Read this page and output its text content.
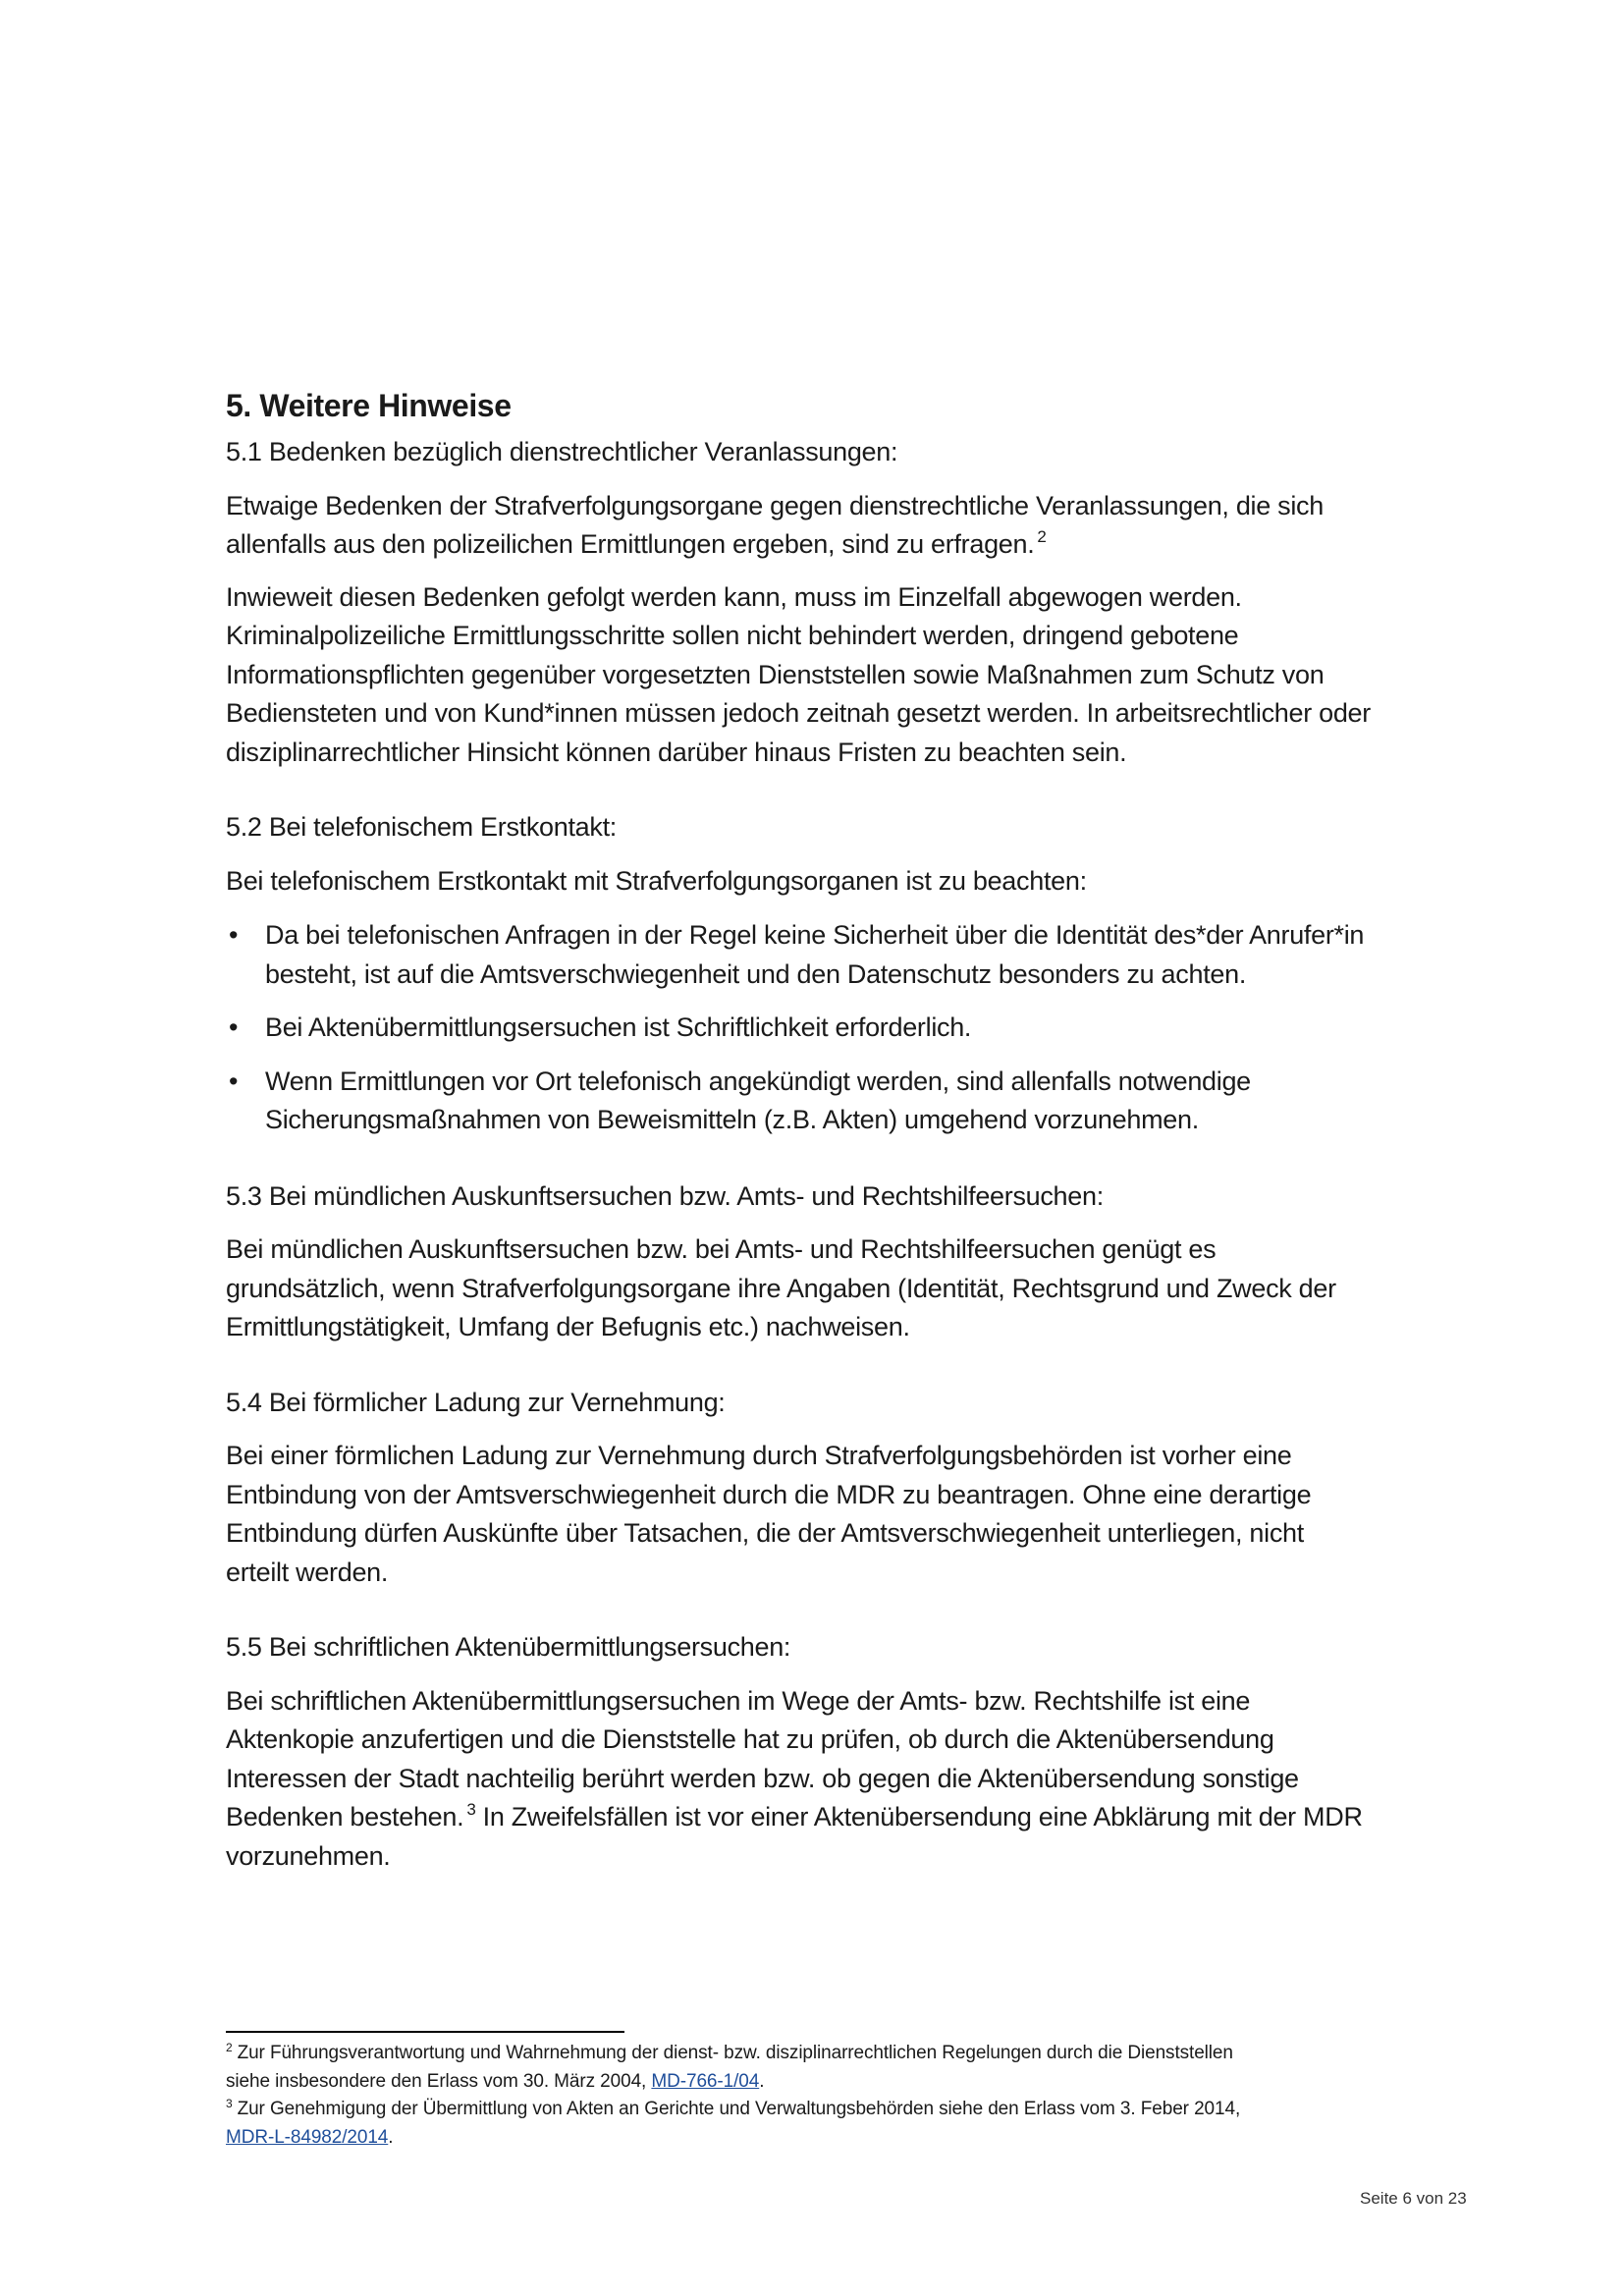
5. Weitere Hinweise

5.1 Bedenken bezüglich dienstrechtlicher Veranlassungen:

Etwaige Bedenken der Strafverfolgungsorgane gegen dienstrechtliche Veranlassungen, die sich

allenfalls aus den polizeilichen Ermittlungen ergeben, sind zu erfragen. $^2$

Inwieweit diesen Bedenken gefolgt werden kann, muss im Einzelfall abgewogen werden.

Kriminalpolizeiliche Ermittlungsschritte sollen nicht behindert werden, dringend gebotene

Informationspflichten gegenüber vorgesetzten Dienststellen sowie Maßnahmen zum Schutz von

Bediensteten und von Kund*innen müssen jedoch zeitnah gesetzt werden. In arbeitsrechtlicher oder

disziplinarrechtlicher Hinsicht können darüber hinaus Fristen zu beachten sein.

5.2 Bei telefonischem Erstkontakt:

Bei telefonischem Erstkontakt mit Strafverfolgungsorganen ist zu beachten:

• Da bei telefonischen Anfragen in der Regel keine Sicherheit über die Identität des*der Anrufer*in
besteht, ist auf die Amtsverschwiegenheit und den Datenschutz besonders zu achten.
• Bei Aktenübermittlungsersuchen ist Schriftlichkeit erforderlich.
• Wenn Ermittlungen vor Ort telefonisch angekündigt werden, sind allenfalls notwendige
Sicherungsmaßnahmen von Beweismitteln (z.B. Akten) umgehend vorzunehmen.

5.3 Bei mündlichen Auskunftsersuchen bzw. Amts- und Rechtshilfeersuchen:

Bei mündlichen Auskunftsersuchen bzw. bei Amts- und Rechtshilfeersuchen genügt es

grundsätzlich, wenn Strafverfolgungsorgane ihre Angaben (Identität, Rechtsgrund und Zweck der

Ermittlungstätigkeit, Umfang der Befugnis etc.) nachweisen.

5.4 Bei förmlicher Ladung zur Vernehmung:

Bei einer förmlichen Ladung zur Vernehmung durch Strafverfolgungsbehörden ist vorher eine

Entbindung von der Amtsverschwiegenheit durch die MDR zu beantragen. Ohne eine derartige

Entbindung dürfen Auskünfte über Tatsachen, die der Amtsverschwiegenheit unterliegen, nicht

erteilt werden.

5.5 Bei schriftlichen Aktenübermittlungsersuchen:

Bei schriftlichen Aktenübermittlungsersuchen im Wege der Amts- bzw. Rechtshilfe ist eine

Aktenkopie anzufertigen und die Dienststelle hat zu prüfen, ob durch die Aktenübersendung

Interessen der Stadt nachteilig berührt werden bzw. ob gegen die Aktenübersendung sonstige

Bedenken bestehen. $^3$ In Zweifelsfällen ist vor einer Aktenübersendung eine Abklärung mit der MDR

vorzunehmen.

$^2$ Zur Führungsverantwortung und Wahrnehmung der dienst- bzw. disziplinarrechtlichen Regelungen durch die Dienststellen

siehe insbesondere den Erlass vom 30. März 2004, MD-766-1/04.

$^3$ Zur Genehmigung der Übermittlung von Akten an Gerichte und Verwaltungsbehörden siehe den Erlass vom 3. Feber 2014,

MDR-L-84982/2014.

Seite 6 von 23
